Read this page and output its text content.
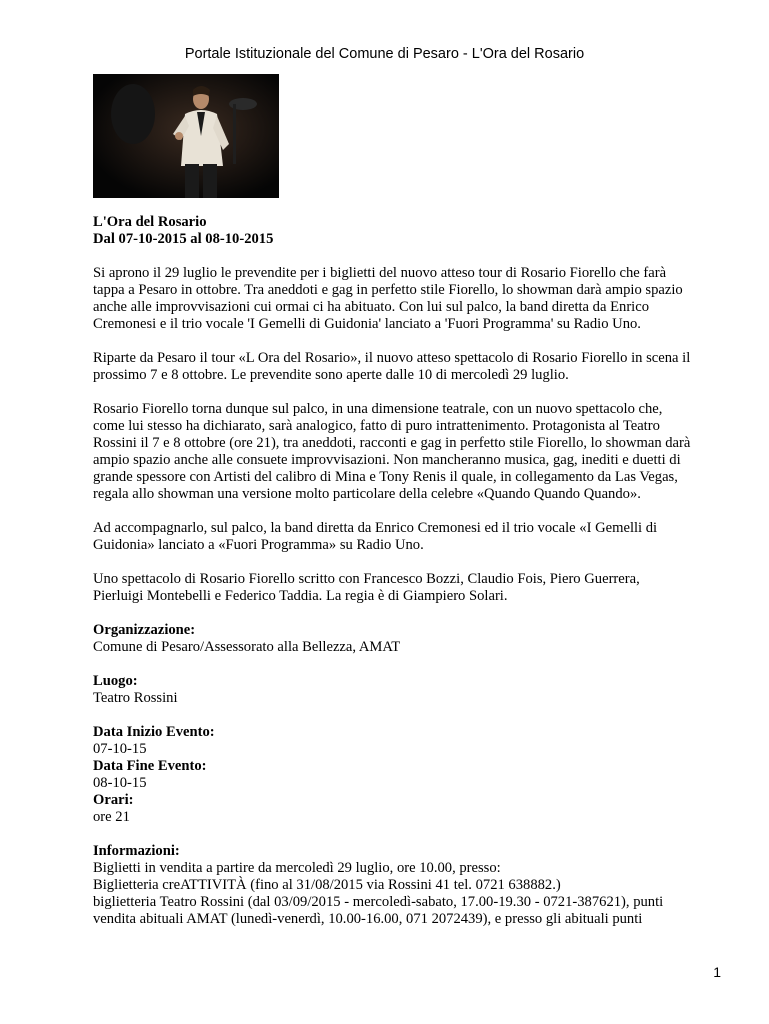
Portale Istituzionale del Comune di Pesaro - L'Ora del Rosario
L'Ora del Rosario
Dal 07-10-2015 al 08-10-2015

Si aprono il 29 luglio le prevendite per i biglietti del nuovo atteso tour di Rosario Fiorello che farà tappa a Pesaro in ottobre. Tra aneddoti e gag in perfetto stile Fiorello, lo showman darà ampio spazio anche alle improvvisazioni cui ormai ci ha abituato. Con lui sul palco, la band diretta da Enrico Cremonesi e il trio vocale 'I Gemelli di Guidonia' lanciato a 'Fuori Programma' su Radio Uno.

Riparte da Pesaro il tour «L Ora del Rosario», il nuovo atteso spettacolo di Rosario Fiorello in scena il prossimo 7 e 8 ottobre. Le prevendite sono aperte dalle 10 di mercoledì 29 luglio.

Rosario Fiorello torna dunque sul palco, in una dimensione teatrale, con un nuovo spettacolo che, come lui stesso ha dichiarato, sarà analogico, fatto di puro intrattenimento. Protagonista al Teatro Rossini il 7 e 8 ottobre (ore 21), tra aneddoti, racconti e gag in perfetto stile Fiorello, lo showman darà ampio spazio anche alle consuete improvvisazioni. Non mancheranno musica, gag, inediti e duetti di grande spessore con Artisti del calibro di Mina e Tony Renis il quale, in collegamento da Las Vegas, regala allo showman una versione molto particolare della celebre «Quando Quando Quando».

Ad accompagnarlo, sul palco, la band diretta da Enrico Cremonesi ed il trio vocale «I Gemelli di Guidonia» lanciato a «Fuori Programma» su Radio Uno.

Uno spettacolo di Rosario Fiorello scritto con Francesco Bozzi, Claudio Fois, Piero Guerrera, Pierluigi Montebelli e Federico Taddia. La regia è di Giampiero Solari.

Organizzazione:
Comune di Pesaro/Assessorato alla Bellezza, AMAT
Luogo:
Teatro Rossini
Data Inizio Evento:
07-10-15
Data Fine Evento:
08-10-15
Orari:
ore 21
Informazioni:
Biglietti in vendita a partire da mercoledì 29 luglio, ore 10.00, presso:
Biglietteria creATTIVITÀ (fino al 31/08/2015 via Rossini 41 tel. 0721 638882.)
biglietteria Teatro Rossini (dal 03/09/2015 - mercoledì-sabato, 17.00-19.30 - 0721-387621), punti vendita abituali AMAT (lunedì-venerdì, 10.00-16.00, 071 2072439), e presso gli abituali punti
1
